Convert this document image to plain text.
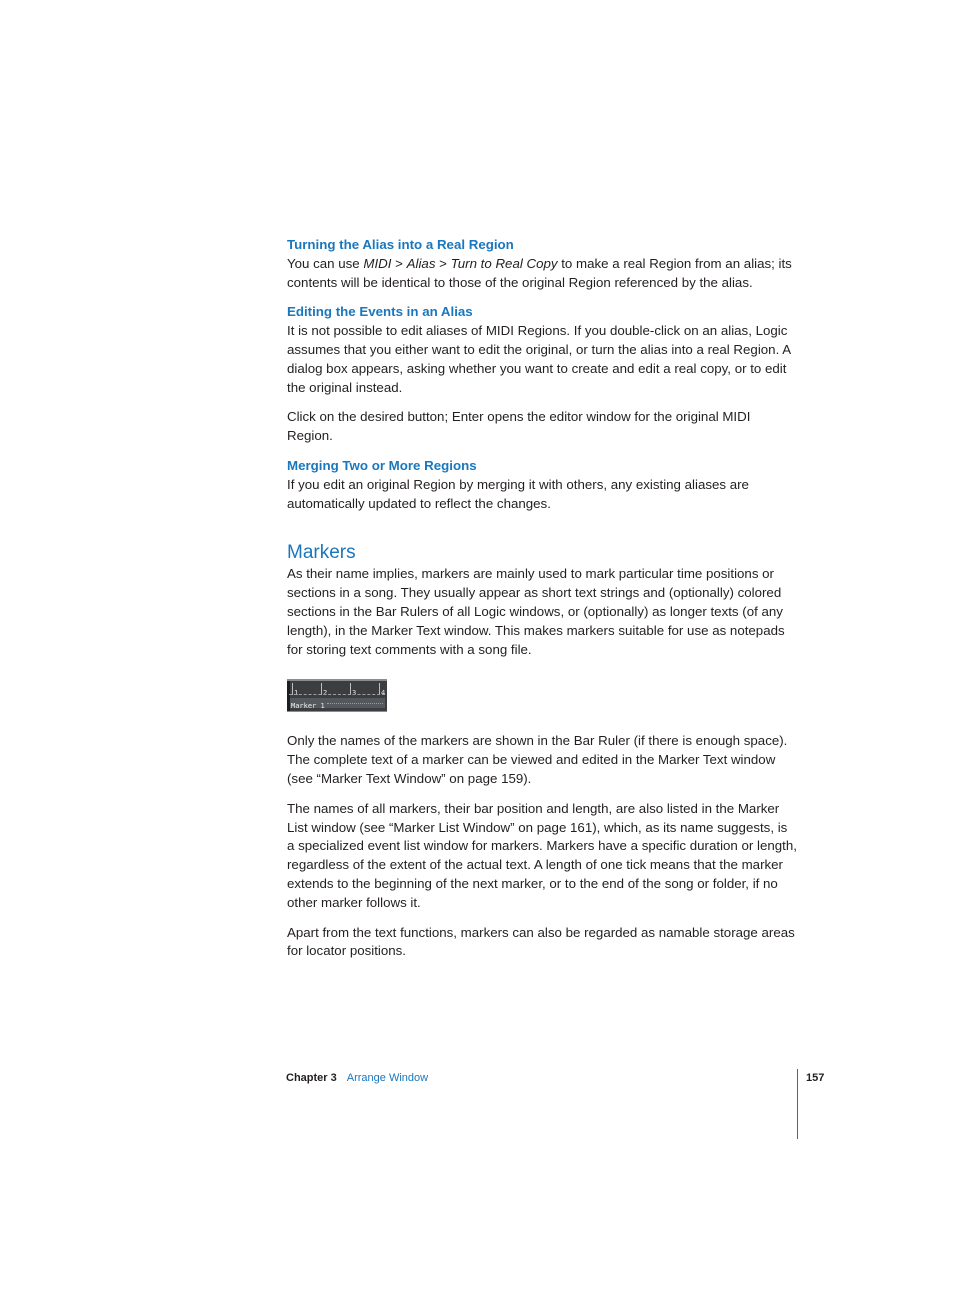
Turning the Alias into a Real Region

You can use MIDI > Alias > Turn to Real Copy to make a real Region from an alias; its contents will be identical to those of the original Region referenced by the alias.

Editing the Events in an Alias

It is not possible to edit aliases of MIDI Regions. If you double-click on an alias, Logic assumes that you either want to edit the original, or turn the alias into a real Region. A dialog box appears, asking whether you want to create and edit a real copy, or to edit the original instead.

Click on the desired button; Enter opens the editor window for the original MIDI Region.

Merging Two or More Regions

If you edit an original Region by merging it with others, any existing aliases are automatically updated to reflect the changes.

Markers

As their name implies, markers are mainly used to mark particular time positions or sections in a song. They usually appear as short text strings and (optionally) colored sections in the Bar Rulers of all Logic windows, or (optionally) as longer texts (of any length), in the Marker Text window. This makes markers suitable for use as notepads for storing text comments with a song file.

1	2	3	4
Marker 1

Only the names of the markers are shown in the Bar Ruler (if there is enough space). The complete text of a marker can be viewed and edited in the Marker Text window (see “Marker Text Window” on page 159).

The names of all markers, their bar position and length, are also listed in the Marker List window (see “Marker List Window” on page 161), which, as its name suggests, is a specialized event list window for markers. Markers have a specific duration or length, regardless of the extent of the actual text. A length of one tick means that the marker extends to the beginning of the next marker, or to the end of the song or folder, if no other marker follows it.

Apart from the text functions, markers can also be regarded as namable storage areas for locator positions.

Chapter 3 Arrange Window	157
